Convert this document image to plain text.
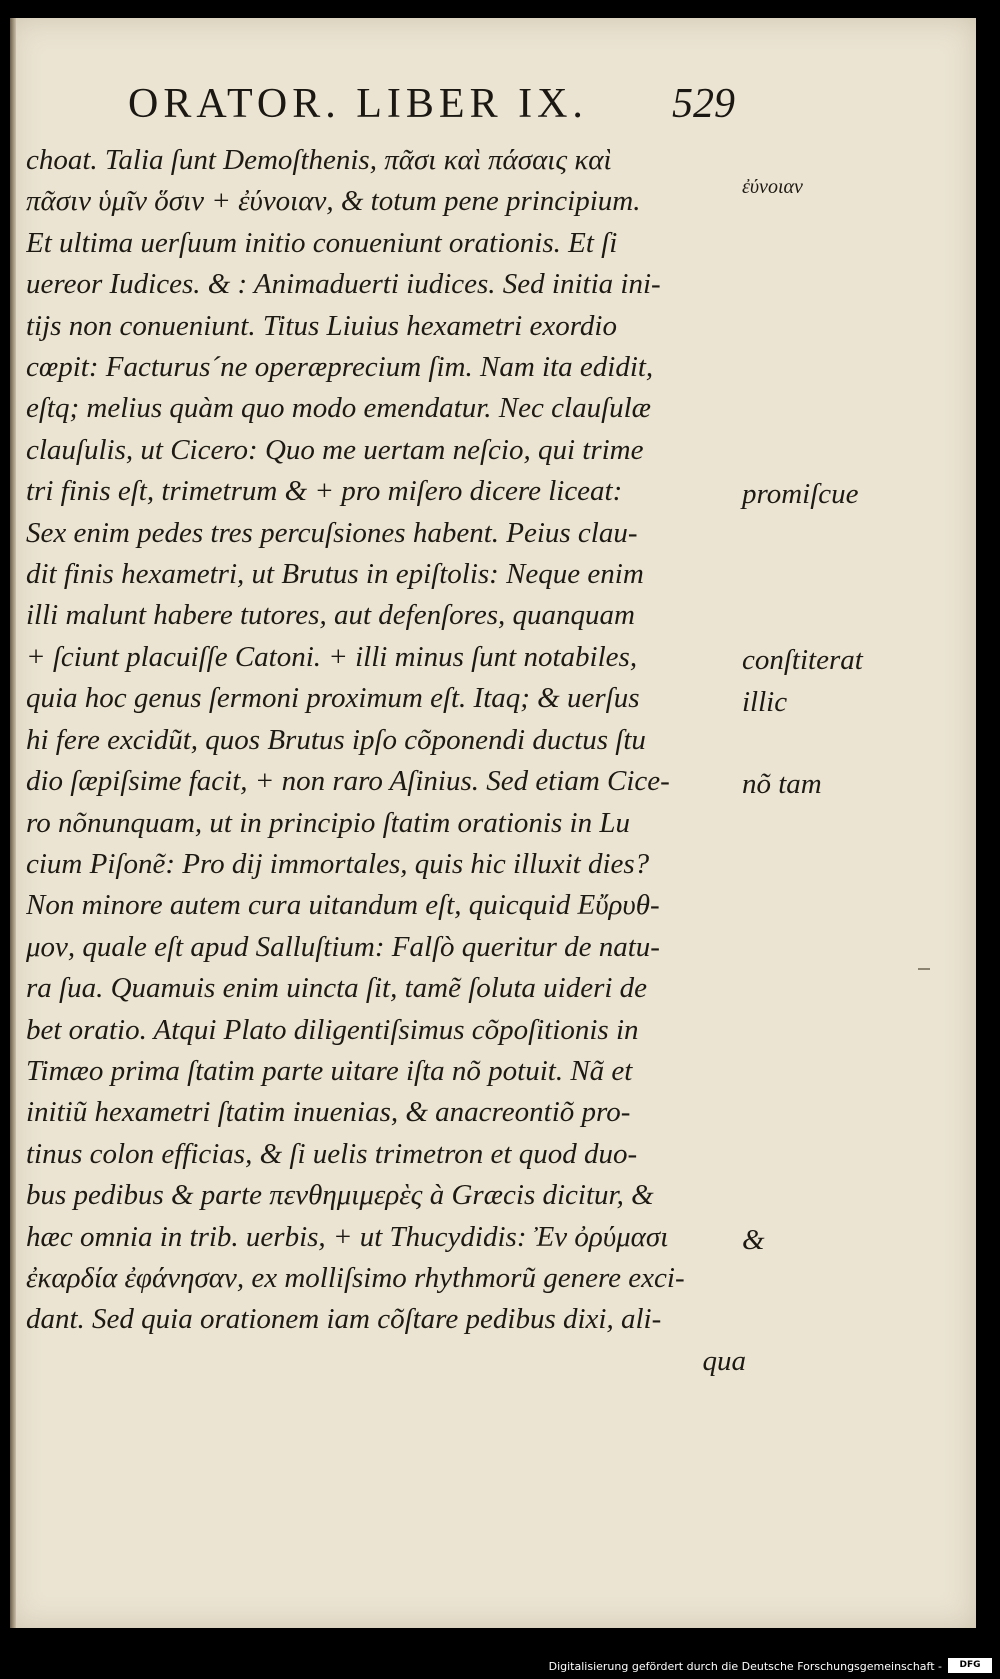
ORATOR. LIBER IX. 529
choat. Talia ſunt Demoſthenis, πᾶσι καὶ πάσαις καὶ
πᾶσιν ὑμῖν ὅσιν + ἐύνοιαν, & totum pene principium.
Et ultima uerſuum initio conueniunt orationis. Et ſi
uereor Iudices. & : Animaduerti iudices. Sed initia ini-
tijs non conueniunt. Titus Liuius hexametri exordio
cœpit: Facturus´ne operæprecium ſim. Nam ita edidit,
eſtq; melius quàm quo modo emendatur. Nec clauſulæ
clauſulis, ut Cicero: Quo me uertam neſcio, qui trime
tri finis eſt, trimetrum & + pro miſero dicere liceat:
Sex enim pedes tres percuſsiones habent. Peius clau-
dit finis hexametri, ut Brutus in epiſtolis: Neque enim
illi malunt habere tutores, aut defenſores, quanquam
+ ſciunt placuiſſe Catoni. + illi minus ſunt notabiles,
quia hoc genus ſermoni proximum eſt. Itaq; & uerſus
hi fere excidũt, quos Brutus ipſo cõponendi ductus ſtu
dio ſæpiſsime facit, + non raro Aſinius. Sed etiam Cice-
ro nõnunquam, ut in principio ſtatim orationis in Lu
cium Piſonẽ: Pro dij immortales, quis hic illuxit dies?
Non minore autem cura uitandum eſt, quicquid Εὔρυθ-
μον, quale eſt apud Salluſtium: Falſò queritur de natu-
ra ſua. Quamuis enim uincta ſit, tamẽ ſoluta uideri de
bet oratio. Atqui Plato diligentiſsimus cõpoſitionis in
Timæo prima ſtatim parte uitare iſta nõ potuit. Nã et
initiũ hexametri ſtatim inuenias, & anacreontiõ pro-
tinus colon efficias, & ſi uelis trimetron et quod duo-
bus pedibus & parte πενθημιμερὲς à Græcis dicitur, &
hæc omnia in trib. uerbis, + ut Thucydidis: Ἐν ὀρύμασι
ἐκαρδία ἐφάνησαν, ex molliſsimo rhythmorũ genere exci-
dant. Sed quia orationem iam cõſtare pedibus dixi, ali-
qua
ἐύνοιαν
promiſcue
conſtiterat
illic
nõ tam
&
Digitalisierung gefördert durch die Deutsche Forschungsgemeinschaft -	DFG
